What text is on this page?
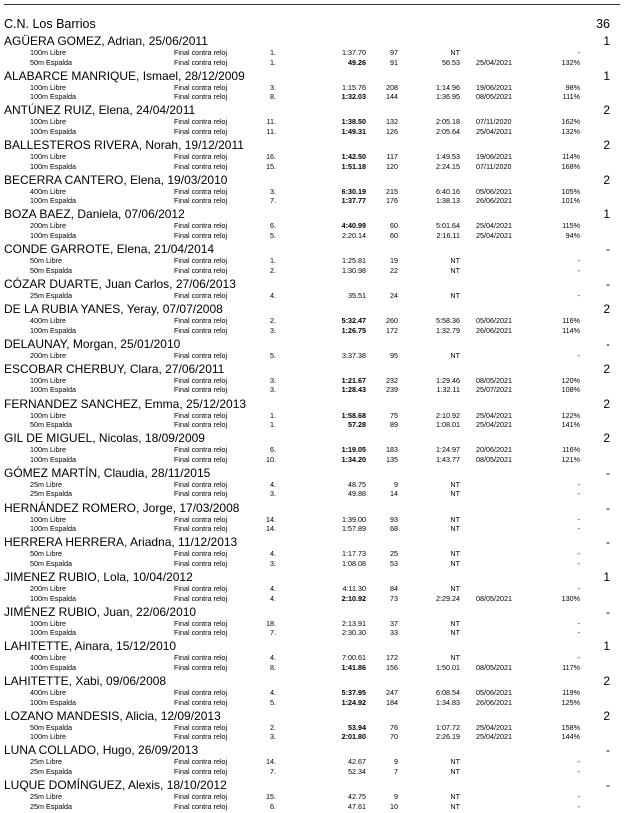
C.N. Los Barrios	36
AGÜERA GOMEZ, Adrian, 25/06/2011	1
100m Libre	Final contra reloj	1.	1:37.70	97	NT	-
50m Espalda	Final contra reloj	1.	49.26	91	56.53 25/04/2021	132%
ALABARCE MANRIQUE, Ismael, 28/12/2009	1
100m Libre	Final contra reloj	3.	1:15.76	208	1:14.96 19/06/2021	98%
100m Espalda	Final contra reloj	8.	1:32.03	144	1:36.95 08/05/2021	111%
ANTÚNEZ RUIZ, Elena, 24/04/2011	2
100m Libre	Final contra reloj	11.	1:38.50	132	2:05.18 07/11/2020	162%
100m Espalda	Final contra reloj	11.	1:49.31	126	2:05.64 25/04/2021	132%
BALLESTEROS RIVERA, Norah, 19/12/2011	2
100m Libre	Final contra reloj	16.	1:42.50	117	1:49.53 19/06/2021	114%
100m Espalda	Final contra reloj	15.	1:51.18	120	2:24.15 07/11/2020	168%
BECERRA CANTERO, Elena, 19/03/2010	2
400m Libre	Final contra reloj	3.	6:30.19	215	6:40.16 05/06/2021	105%
100m Espalda	Final contra reloj	7.	1:37.77	176	1:38.13 26/06/2021	101%
BOZA BAEZ, Daniela, 07/06/2012	1
200m Libre	Final contra reloj	6.	4:40.99	60	5:01.64 25/04/2021	115%
100m Espalda	Final contra reloj	5.	2:20.14	60	2:16.11 25/04/2021	94%
CONDE GARROTE, Elena, 21/04/2014	-
50m Libre	Final contra reloj	1.	1:25.81	19	NT	-
50m Espalda	Final contra reloj	2.	1:30.98	22	NT	-
CÓZAR DUARTE, Juan Carlos, 27/06/2013	-
25m Espalda	Final contra reloj	4.	35.51	24	NT	-
DE LA RUBIA YANES, Yeray, 07/07/2008	2
400m Libre	Final contra reloj	2.	5:32.47	260	5:58.36 05/06/2021	116%
100m Espalda	Final contra reloj	3.	1:26.75	172	1:32.79 26/06/2021	114%
DELAUNAY, Morgan, 25/01/2010	-
200m Libre	Final contra reloj	5.	3:37.38	95	NT	-
ESCOBAR CHERBUY, Clara, 27/06/2011	2
100m Libre	Final contra reloj	3.	1:21.67	232	1:29.46 08/05/2021	120%
100m Espalda	Final contra reloj	3.	1:28.43	239	1:32.11 25/07/2021	108%
FERNANDEZ SANCHEZ, Emma, 25/12/2013	2
100m Libre	Final contra reloj	1.	1:58.68	75	2:10.92 25/04/2021	122%
50m Espalda	Final contra reloj	1.	57.28	89	1:08.01 25/04/2021	141%
GIL DE MIGUEL, Nicolas, 18/09/2009	2
100m Libre	Final contra reloj	6.	1:19.05	183	1:24.97 20/06/2021	116%
100m Espalda	Final contra reloj	10.	1:34.20	135	1:43.77 08/05/2021	121%
GÓMEZ MARTÍN, Claudia, 28/11/2015	-
25m Libre	Final contra reloj	4.	48.75	9	NT	-
25m Espalda	Final contra reloj	3.	49.88	14	NT	-
HERNÁNDEZ ROMERO, Jorge, 17/03/2008	-
100m Libre	Final contra reloj	14.	1:39.00	93	NT	-
100m Espalda	Final contra reloj	14.	1:57.89	68	NT	-
HERRERA HERRERA, Ariadna, 11/12/2013	-
50m Libre	Final contra reloj	4.	1:17.73	25	NT	-
50m Espalda	Final contra reloj	3.	1:08.08	53	NT	-
JIMENEZ RUBIO, Lola, 10/04/2012	1
200m Libre	Final contra reloj	4.	4:11.30	84	NT	-
100m Espalda	Final contra reloj	4.	2:10.92	73	2:29.24 08/05/2021	130%
JIMÉNEZ RUBIO, Juan, 22/06/2010	-
100m Libre	Final contra reloj	18.	2:13.91	37	NT	-
100m Espalda	Final contra reloj	7.	2:30.30	33	NT	-
LAHITETTE, Ainara, 15/12/2010	1
400m Libre	Final contra reloj	4.	7:00.61	172	NT	-
100m Espalda	Final contra reloj	8.	1:41.86	156	1:50.01 08/05/2021	117%
LAHITETTE, Xabi, 09/06/2008	2
400m Libre	Final contra reloj	4.	5:37.95	247	6:08.54 05/06/2021	119%
100m Espalda	Final contra reloj	5.	1:24.92	184	1:34.83 26/06/2021	125%
LOZANO MANDESIS, Alicia, 12/09/2013	2
50m Espalda	Final contra reloj	2.	53.94	76	1:07.72 25/04/2021	158%
100m Libre	Final contra reloj	3.	2:01.80	70	2:26.19 25/04/2021	144%
LUNA COLLADO, Hugo, 26/09/2013	-
25m Libre	Final contra reloj	14.	42.67	9	NT	-
25m Espalda	Final contra reloj	7.	52.34	7	NT	-
LUQUE DOMÍNGUEZ, Alexis, 18/10/2012	-
25m Libre	Final contra reloj	15.	42.75	9	NT	-
25m Espalda	Final contra reloj	6.	47.61	10	NT	-
